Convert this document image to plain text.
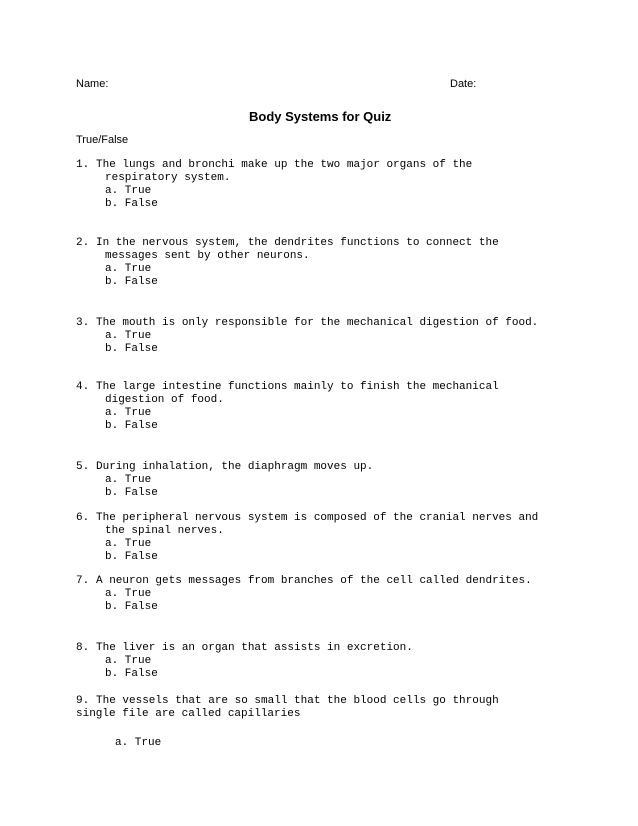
Name:	Date:
Body Systems for Quiz
True/False
1. The lungs and bronchi make up the two major organs of the
respiratory system.
a. True
b. False
2. In the nervous system, the dendrites functions to connect the
messages sent by other neurons.
a. True
b. False
3. The mouth is only responsible for the mechanical digestion of food.
a. True
b. False
4. The large intestine functions mainly to finish the mechanical
digestion of food.
a. True
b. False
5. During inhalation, the diaphragm moves up.
a. True
b. False
6. The peripheral nervous system is composed of the cranial nerves and
the spinal nerves.
a. True
b. False
7. A neuron gets messages from branches of the cell called dendrites.
a. True
b. False
8. The liver is an organ that assists in excretion.
a. True
b. False
9. The vessels that are so small that the blood cells go through
single file are called capillaries
a. True
